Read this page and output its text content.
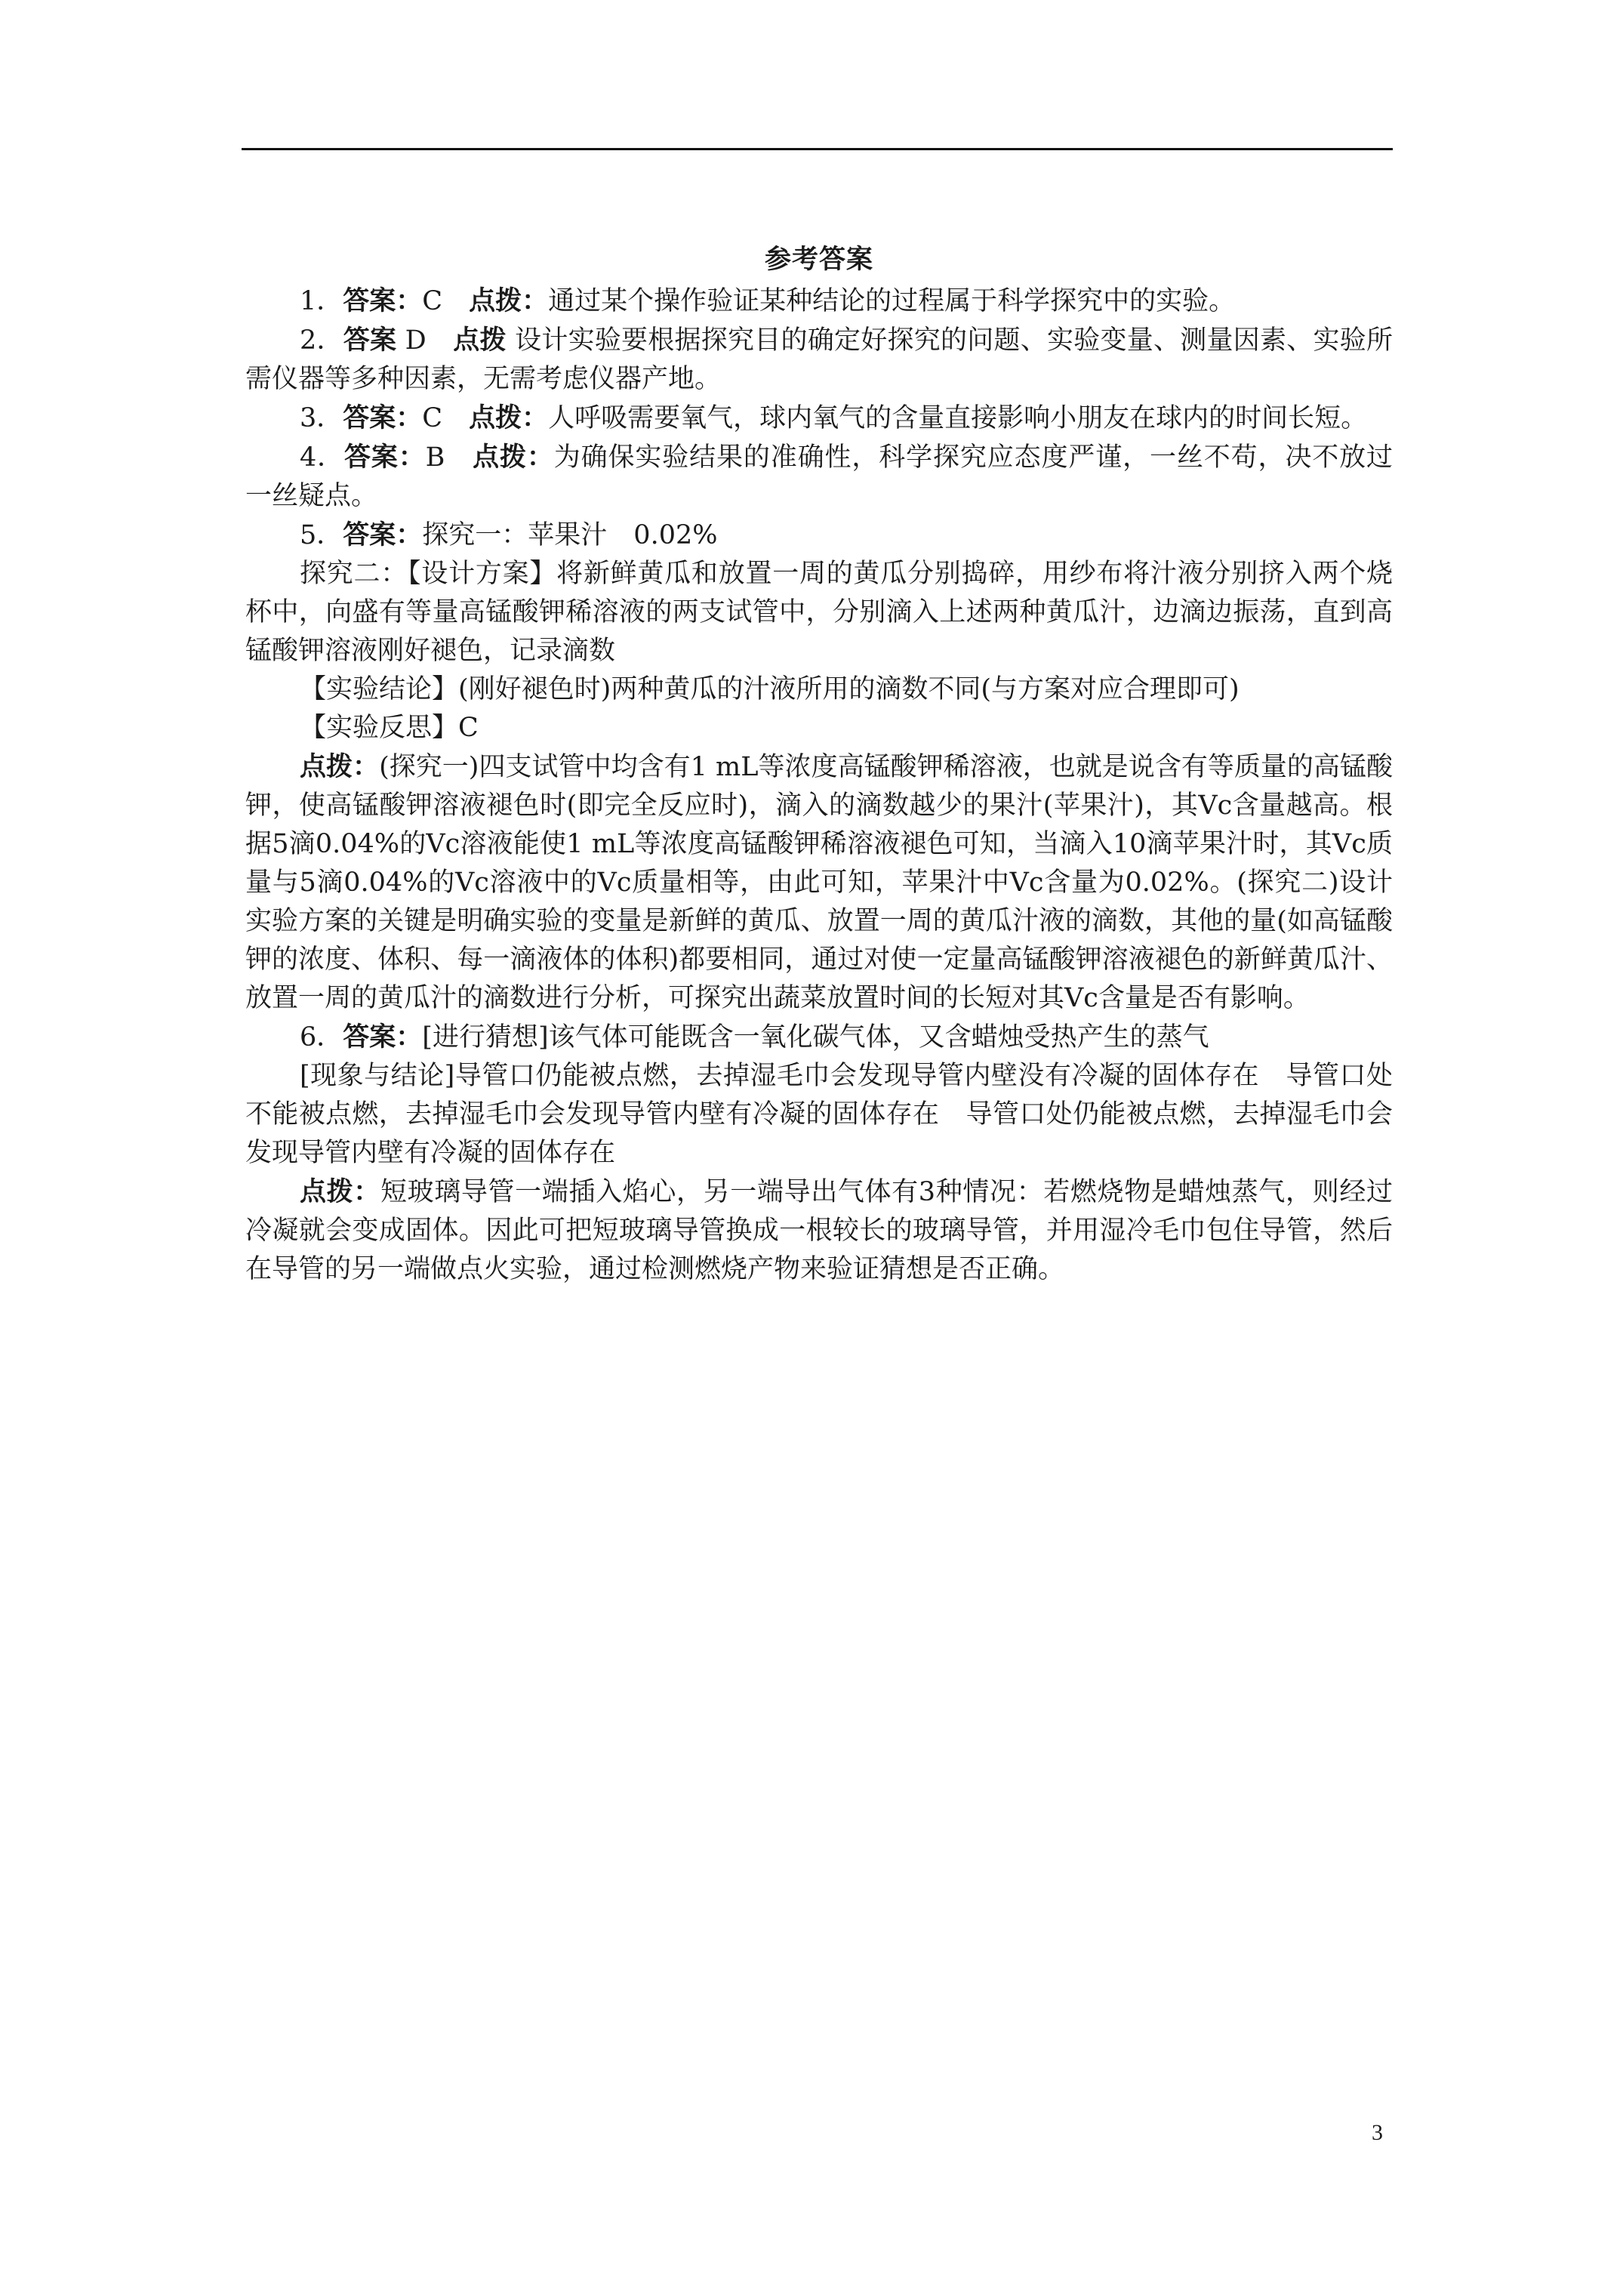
参考答案

1．答案：C　 点拨：通过某个操作验证某种结论的过程属于科学探究中的实验。

2．答案 D　 点拨 设计实验要根据探究目的确定好探究的问题、实验变量、测量因素、实验所需仪器等多种因素，无需考虑仪器产地。

3．答案：C　 点拨：人呼吸需要氧气，球内氧气的含量直接影响小朋友在球内的时间长短。

4．答案：B　 点拨：为确保实验结果的准确性，科学探究应态度严谨，一丝不苟，决不放过一丝疑点。

5．答案：探究一：苹果汁　0.02%

探究二：【设计方案】将新鲜黄瓜和放置一周的黄瓜分别捣碎，用纱布将汁液分别挤入两个烧杯中，向盛有等量高锰酸钾稀溶液的两支试管中，分别滴入上述两种黄瓜汁，边滴边振荡，直到高锰酸钾溶液刚好褪色，记录滴数

【实验结论】(刚好褪色时)两种黄瓜的汁液所用的滴数不同(与方案对应合理即可)

【实验反思】C

点拨：(探究一)四支试管中均含有1 mL等浓度高锰酸钾稀溶液，也就是说含有等质量的高锰酸钾，使高锰酸钾溶液褪色时(即完全反应时)，滴入的滴数越少的果汁(苹果汁)，其Vc含量越高。根据5滴0.04%的Vc溶液能使1 mL等浓度高锰酸钾稀溶液褪色可知，当滴入10滴苹果汁时，其Vc质量与5滴0.04%的Vc溶液中的Vc质量相等，由此可知，苹果汁中Vc含量为0.02%。(探究二)设计实验方案的关键是明确实验的变量是新鲜的黄瓜、放置一周的黄瓜汁液的滴数，其他的量(如高锰酸钾的浓度、体积、每一滴液体的体积)都要相同，通过对使一定量高锰酸钾溶液褪色的新鲜黄瓜汁、放置一周的黄瓜汁的滴数进行分析，可探究出蔬菜放置时间的长短对其Vc含量是否有影响。

6．答案：[进行猜想]该气体可能既含一氧化碳气体，又含蜡烛受热产生的蒸气

[现象与结论]导管口仍能被点燃，去掉湿毛巾会发现导管内壁没有冷凝的固体存在　导管口处不能被点燃，去掉湿毛巾会发现导管内壁有冷凝的固体存在　导管口处仍能被点燃，去掉湿毛巾会发现导管内壁有冷凝的固体存在

点拨：短玻璃导管一端插入焰心，另一端导出气体有3种情况：若燃烧物是蜡烛蒸气，则经过冷凝就会变成固体。因此可把短玻璃导管换成一根较长的玻璃导管，并用湿冷毛巾包住导管，然后在导管的另一端做点火实验，通过检测燃烧产物来验证猜想是否正确。

3
